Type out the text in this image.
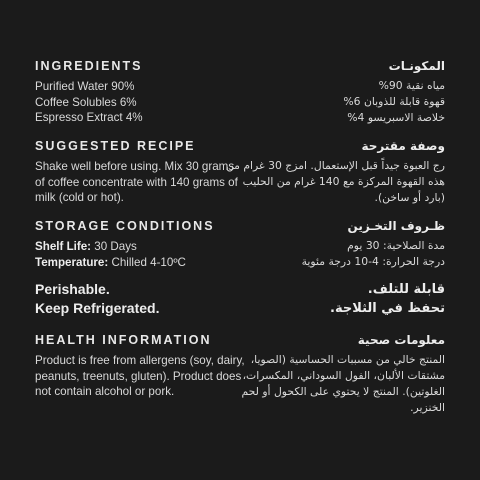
INGREDIENTS
Purified Water 90%
Coffee Solubles 6%
Espresso Extract 4%
SUGGESTED RECIPE
Shake well before using. Mix 30 grams of coffee concentrate with 140 grams of milk (cold or hot).
STORAGE CONDITIONS
Shelf Life: 30 Days
Temperature: Chilled 4-10ºC
Perishable.
Keep Refrigerated.
HEALTH INFORMATION
Product is free from allergens (soy, dairy, peanuts, treenuts, gluten). Product does not contain alcohol or pork.
المكونـات
مياه نقية 90%
قهوة قابلة للذوبان 6%
خلاصة الاسبريسو 4%
وصفة مقترحة
رج العبوة جيداً قبل الإستعمال. امزج 30 غرام من هذه القهوة المركزة مع 140 غرام من الحليب (بارد أو ساخن).
ظـروف التخـزين
مدة الصلاحية: 30 يوم
درجة الحرارة: 4-10 درجة مئوية
قابلة للتلف.
تحفظ في الثلاجة.
معلومات صحية
المنتج خالي من مسببات الحساسية (الصويا، مشتقات الألبان، الفول السوداني، المكسرات، الغلوتين). المنتج لا يحتوي على الكحول أو لحم الخنزير.
